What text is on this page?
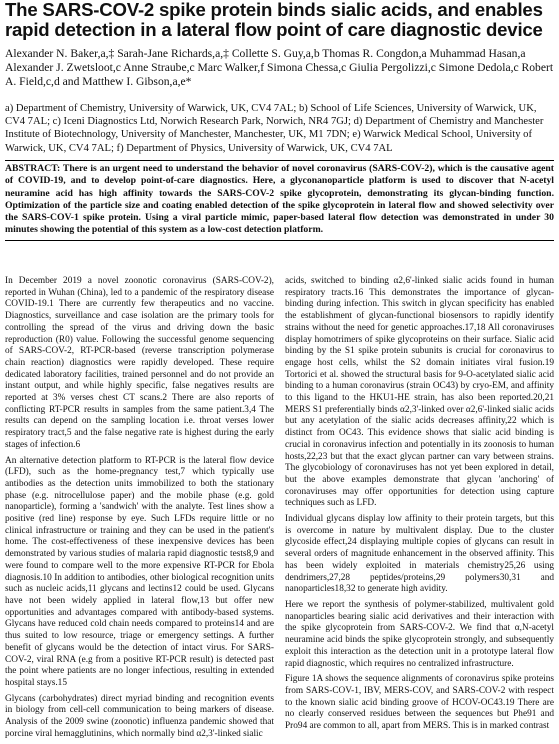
The SARS-COV-2 spike protein binds sialic acids, and enables rapid detection in a lateral flow point of care diagnostic device
Alexander N. Baker,a,‡ Sarah-Jane Richards,a,‡ Collette S. Guy,a,b Thomas R. Congdon,a Muhammad Hasan,a Alexander J. Zwetsloot,c Anne Straube,c Marc Walker,f Simona Chessa,c Giulia Pergolizzi,c Simone Dedola,c Robert A. Field,c,d and Matthew I. Gibson,a,e*
a) Department of Chemistry, University of Warwick, UK, CV4 7AL; b) School of Life Sciences, University of Warwick, UK, CV4 7AL; c) Iceni Diagnostics Ltd, Norwich Research Park, Norwich, NR4 7GJ; d) Department of Chemistry and Manchester Institute of Biotechnology, University of Manchester, Manchester, UK, M1 7DN; e) Warwick Medical School, University of Warwick, UK, CV4 7AL; f) Department of Physics, University of Warwick, UK, CV4 7AL
ABSTRACT: There is an urgent need to understand the behavior of novel coronavirus (SARS-COV-2), which is the causative agent of COVID-19, and to develop point-of-care diagnostics. Here, a glyconanoparticle platform is used to discover that N-acetyl neuramine acid has high affinity towards the SARS-COV-2 spike glycoprotein, demonstrating its glycan-binding function. Optimization of the particle size and coating enabled detection of the spike glycoprotein in lateral flow and showed selectivity over the SARS-COV-1 spike protein. Using a viral particle mimic, paper-based lateral flow detection was demonstrated in under 30 minutes showing the potential of this system as a low-cost detection platform.

In December 2019 a novel zoonotic coronavirus (SARS-COV-2), reported in Wuhan (China), led to a pandemic of the respiratory disease COVID-19.1 There are currently few therapeutics and no vaccine. Diagnostics, surveillance and case isolation are the primary tools for controlling the spread of the virus and driving down the basic reproduction (R0) value. Following the successful genome sequencing of SARS-COV-2, RT-PCR-based (reverse transcription polymerase chain reaction) diagnostics were rapidly developed. These require dedicated laboratory facilities, trained personnel and do not provide an instant output, and while highly specific, false negatives results are reported at 3% verses chest CT scans.2 There are also reports of conflicting RT-PCR results in samples from the same patient.3,4 The results can depend on the sampling location i.e. throat verses lower respiratory tract,5 and the false negative rate is highest during the early stages of infection.6

An alternative detection platform to RT-PCR is the lateral flow device (LFD), such as the home-pregnancy test,7 which typically use antibodies as the detection units immobilized to both the stationary phase (e.g. nitrocellulose paper) and the mobile phase (e.g. gold nanoparticle), forming a 'sandwich' with the analyte. Test lines show a positive (red line) response by eye. Such LFDs require little or no clinical infrastructure or training and they can be used in the patient's home. The cost-effectiveness of these inexpensive devices has been demonstrated by various studies of malaria rapid diagnostic tests8,9 and were found to compare well to the more expensive RT-PCR for Ebola diagnosis.10 In addition to antibodies, other biological recognition units such as nucleic acids,11 glycans and lectins12 could be used. Glycans have not been widely applied in lateral flow,13 but offer new opportunities and advantages compared with antibody-based systems. Glycans have reduced cold chain needs compared to proteins14 and are thus suited to low resource, triage or emergency settings. A further benefit of glycans would be the detection of intact virus. For SARS-COV-2, viral RNA (e.g from a positive RT-PCR result) is detected past the point where patients are no longer infectious, resulting in extended hospital stays.15

Glycans (carbohydrates) direct myriad binding and recognition events in biology from cell-cell communication to being markers of disease. Analysis of the 2009 swine (zoonotic) influenza pandemic showed that porcine viral hemagglutinins, which normally bind α2,3'-linked sialic

acids, switched to binding α2,6'-linked sialic acids found in human respiratory tracts.16 This demonstrates the importance of glycan-binding during infection. This switch in glycan specificity has enabled the establishment of glycan-functional biosensors to rapidly identify strains without the need for genetic approaches.17,18 All coronaviruses display homotrimers of spike glycoproteins on their surface. Sialic acid binding by the S1 spike protein subunits is crucial for coronavirus to engage host cells, whilst the S2 domain initiates viral fusion.19 Tortorici et al. showed the structural basis for 9-O-acetylated sialic acid binding to a human coronavirus (strain OC43) by cryo-EM, and affinity to this ligand to the HKU1-HE strain, has also been reported.20,21 MERS S1 preferentially binds α2,3'-linked over α2,6'-linked sialic acids but any acetylation of the sialic acids decreases affinity,22 which is distinct from OC43. This evidence shows that sialic acid binding is crucial in coronavirus infection and potentially in its zoonosis to human hosts,22,23 but that the exact glycan partner can vary between strains. The glycobiology of coronaviruses has not yet been explored in detail, but the above examples demonstrate that glycan 'anchoring' of coronaviruses may offer opportunities for detection using capture techniques such as LFD.

Individual glycans display low affinity to their protein targets, but this is overcome in nature by multivalent display. Due to the cluster glycoside effect,24 displaying multiple copies of glycans can result in several orders of magnitude enhancement in the observed affinity. This has been widely exploited in materials chemistry25,26 using dendrimers,27,28 peptides/proteins,29 polymers30,31 and nanoparticles18,32 to generate high avidity.

Here we report the synthesis of polymer-stabilized, multivalent gold nanoparticles bearing sialic acid derivatives and their interaction with the spike glycoprotein from SARS-COV-2. We find that α,N-acetyl neuramine acid binds the spike glycoprotein strongly, and subsequently exploit this interaction as the detection unit in a prototype lateral flow rapid diagnostic, which requires no centralized infrastructure.

Figure 1A shows the sequence alignments of coronavirus spike proteins from SARS-COV-1, IBV, MERS-COV, and SARS-COV-2 with respect to the known sialic acid binding groove of HCOV-OC43.19 There are no clearly conserved residues between the sequences but Phe91 and Pro94 are common to all, apart from MERS. This is in marked contrast
